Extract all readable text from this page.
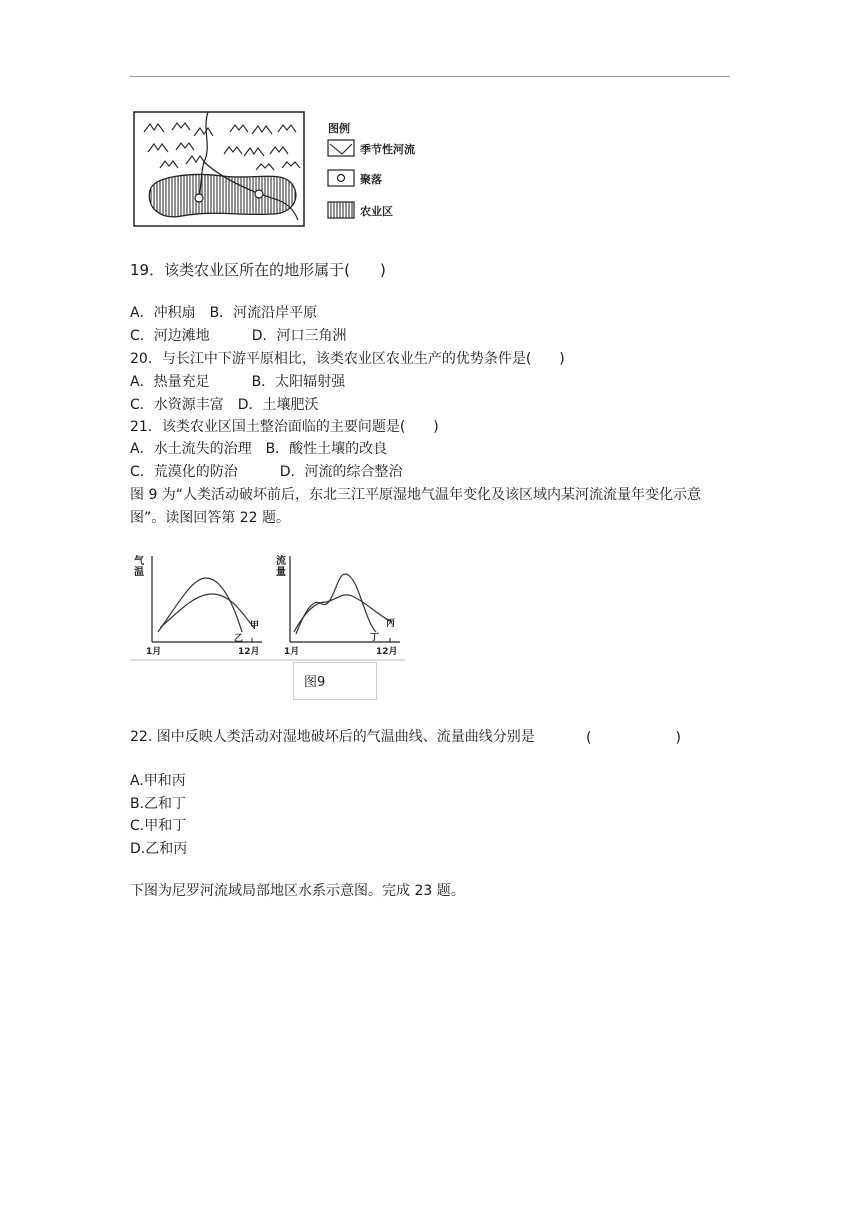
图例
季节性河流
聚落
农业区
19．该类农业区所在的地形属于(　　)
A．冲积扇　 B．河流沿岸平原
C．河边滩地　　　	D．河口三角洲
20．与长江中下游平原相比，该类农业区农业生产的优势条件是(　　)
A．热量充足　　　	B．太阳辐射强
C．水资源丰富　 D．土壤肥沃
21．该类农业区国土整治面临的主要问题是(　　)
A．水土流失的治理　 B．酸性土壤的改良
C．荒漠化的防治　　　	D．河流的综合整治
图 9 为“人类活动破坏前后，东北三江平原湿地气温年变化及该区域内某河流流量年变化示意图”。读图回答第 22 题。
气
温
1月	12月
甲
乙
流
量
1月	12月
丙
丁
图9
22. 图中反映人类活动对湿地破坏后的气温曲线、流量曲线分别是	(　　　　　　)
A.甲和丙
B.乙和丁
C.甲和丁
D.乙和丙
下图为尼罗河流域局部地区水系示意图。完成 23 题。
